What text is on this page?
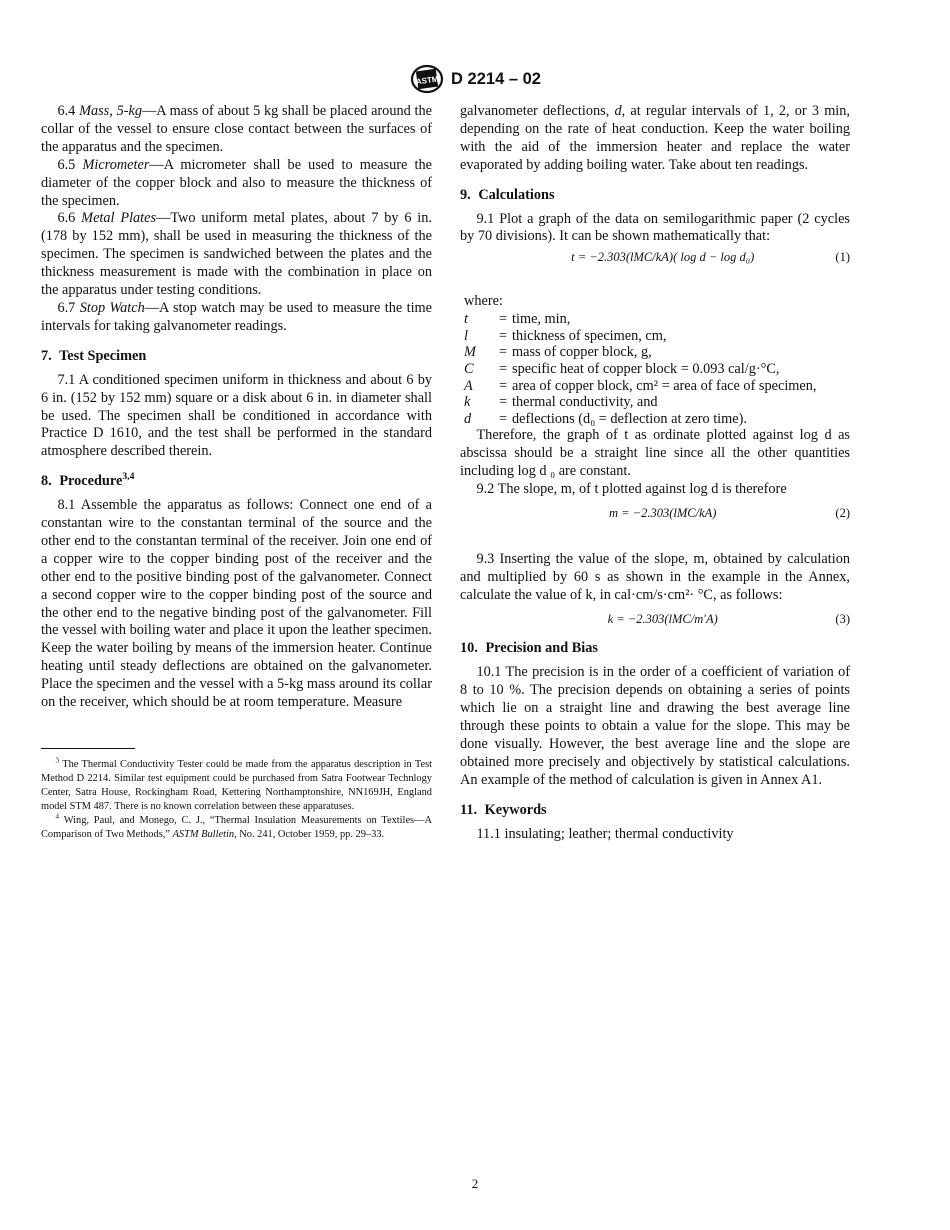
ASTM D 2214 – 02

6.4 Mass, 5-kg—A mass of about 5 kg shall be placed around the collar of the vessel to ensure close contact between the surfaces of the apparatus and the specimen.

6.5 Micrometer—A micrometer shall be used to measure the diameter of the copper block and also to measure the thickness of the specimen.

6.6 Metal Plates—Two uniform metal plates, about 7 by 6 in. (178 by 152 mm), shall be used in measuring the thickness of the specimen. The specimen is sandwiched between the plates and the thickness measurement is made with the combination in place on the apparatus under testing conditions.

6.7 Stop Watch—A stop watch may be used to measure the time intervals for taking galvanometer readings.

7. Test Specimen

7.1 A conditioned specimen uniform in thickness and about 6 by 6 in. (152 by 152 mm) square or a disk about 6 in. in diameter shall be used. The specimen shall be conditioned in accordance with Practice D 1610, and the test shall be performed in the standard atmosphere described therein.

8. Procedure$^{3,4}$

8.1 Assemble the apparatus as follows: Connect one end of a constantan wire to the constantan terminal of the source and the other end to the constantan terminal of the receiver. Join one end of a copper wire to the copper binding post of the receiver and the other end to the positive binding post of the galvanometer. Connect a second copper wire to the copper binding post of the source and the other end to the negative binding post of the galvanometer. Fill the vessel with boiling water and place it upon the leather specimen. Keep the water boiling by means of the immersion heater. Continue heating until steady deflections are obtained on the galvanometer. Place the specimen and the vessel with a 5-kg mass around its collar on the receiver, which should be at room temperature. Measure

$^3$ The Thermal Conductivity Tester could be made from the apparatus description in Test Method D 2214. Similar test equipment could be purchased from Satra Footwear Technlogy Center, Satra House, Rockingham Road, Kettering Northamptonshire, NN169JH, England model STM 487. There is no known correlation between these apparatuses.

$^4$ Wing, Paul, and Monego, C. J., “Thermal Insulation Measurements on Textiles—A Comparison of Two Methods,” ASTM Bulletin, No. 241, October 1959, pp. 29–33.

galvanometer deflections, d, at regular intervals of 1, 2, or 3 min, depending on the rate of heat conduction. Keep the water boiling with the aid of the immersion heater and replace the water evaporated by adding boiling water. Take about ten readings.

9. Calculations

9.1 Plot a graph of the data on semilogarithmic paper (2 cycles by 70 divisions). It can be shown mathematically that:

t = −2.303(lMC/kA)( log d − log d₀)	(1)
where:
t	= time, min,
l	= thickness of specimen, cm,
M	= mass of copper block, g,
C	= specific heat of copper block = 0.093 cal/g·°C,
A	= area of copper block, cm² = area of face of specimen,
k	= thermal conductivity, and
d	= deflections (d₀ = deflection at zero time).

Therefore, the graph of t as ordinate plotted against log d as abscissa should be a straight line since all the other quantities including log d ₀ are constant.

9.2 The slope, m, of t plotted against log d is therefore

m = −2.303(lMC/kA)	(2)

9.3 Inserting the value of the slope, m, obtained by calculation and multiplied by 60 s as shown in the example in the Annex, calculate the value of k, in cal·cm/s·cm²· °C, as follows:

k = −2.303(lMC/m′A)	(3)

10. Precision and Bias

10.1 The precision is in the order of a coefficient of variation of 8 to 10 %. The precision depends on obtaining a series of points which lie on a straight line and drawing the best average line through these points to obtain a value for the slope. This may be done visually. However, the best average line and the slope are obtained more precisely and objectively by statistical calculations. An example of the method of calculation is given in Annex A1.

11. Keywords

11.1 insulating; leather; thermal conductivity

2
